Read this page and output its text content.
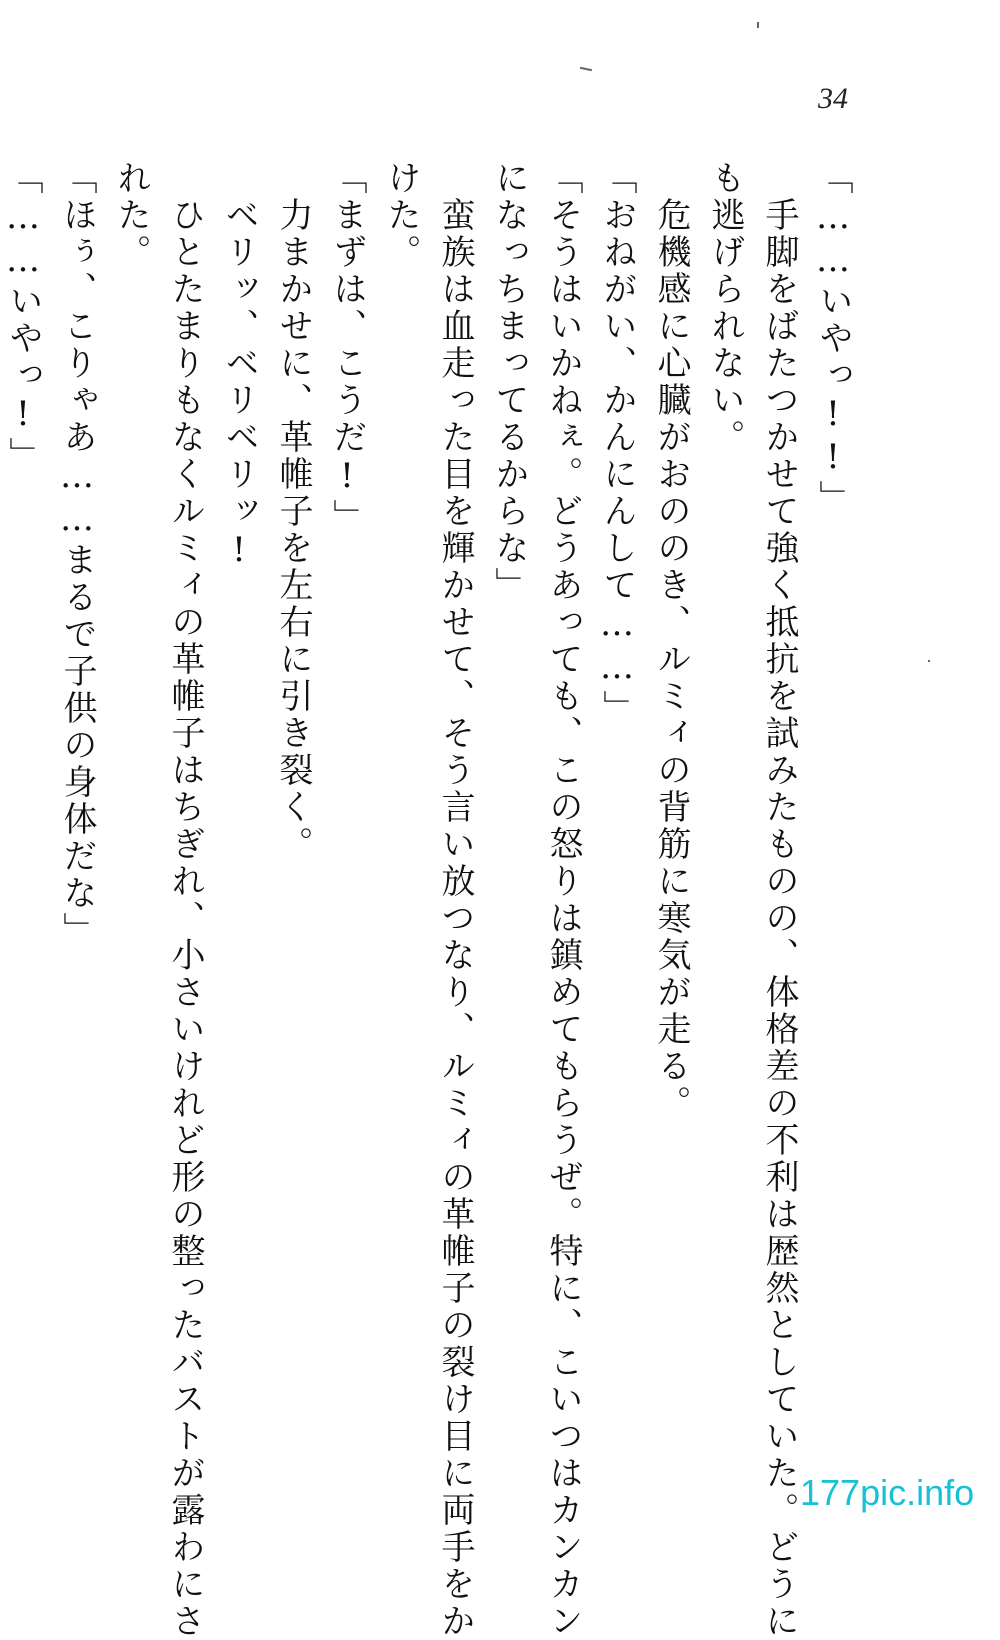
34
「……いやっ!!」
　手脚をばたつかせて強く抵抗を試みたものの、体格差の不利は歴然としていた。どうに
も逃げられない。
　危機感に心臓がおののき、ルミィの背筋に寒気が走る。
「おねがい、かんにんして……」
「そうはいかねぇ。どうあっても、この怒りは鎮めてもらうぜ。特に、こいつはカンカン
になっちまってるからな」
　蛮族は血走った目を輝かせて、そう言い放つなり、ルミィの革帷子の裂け目に両手をか
けた。
「まずは、こうだ!」
　力まかせに、革帷子を左右に引き裂く。
　ベリッ、ベリベリッ!
　ひとたまりもなくルミィの革帷子はちぎれ、小さいけれど形の整ったバストが露わにさ
れた。
「ほぅ、こりゃあ……まるで子供の身体だな」
「……いやっ!」
177pic.info
